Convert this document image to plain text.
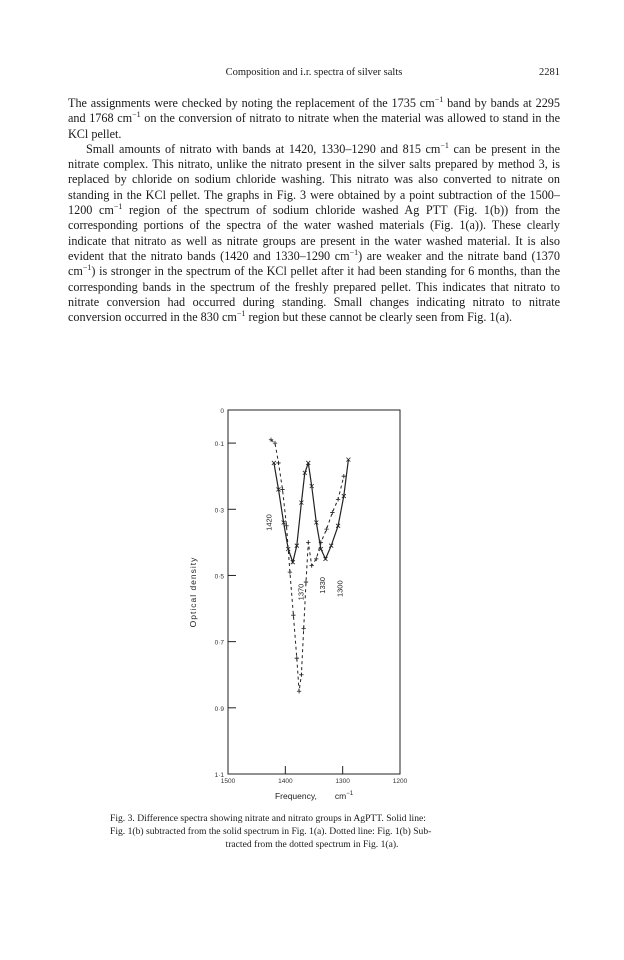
Composition and i.r. spectra of silver salts	2281

The assignments were checked by noting the replacement of the 1735 $cm^{-1}$ band by bands at 2295 and 1768 $cm^{-1}$ on the conversion of nitrato to nitrate when the material was allowed to stand in the KCl pellet.

Small amounts of nitrato with bands at 1420, 1330–1290 and 815 $cm^{-1}$ can be present in the nitrate complex. This nitrato, unlike the nitrato present in the silver salts prepared by method 3, is replaced by chloride on sodium chloride washing. This nitrato was also converted to nitrate on standing in the KCl pellet. The graphs in Fig. 3 were obtained by a point subtraction of the 1500–1200 $cm^{-1}$ region of the spectrum of sodium chloride washed Ag PTT (Fig. 1(b)) from the corresponding portions of the spectra of the water washed materials (Fig. 1(a)). These clearly indicate that nitrato as well as nitrate groups are present in the water washed material. It is also evident that the nitrato bands (1420 and 1330–1290 $cm^{-1}$) are weaker and the nitrate band (1370 $cm^{-1}$) is stronger in the spectrum of the KCl pellet after it had been standing for 6 months, than the corresponding bands in the spectrum of the freshly prepared pellet. This indicates that nitrato to nitrate conversion had occurred during standing. Small changes indicating nitrato to nitrate conversion occurred in the 830 $cm^{-1}$ region but these cannot be clearly seen from Fig. 1(a).

0
0·1
0·3
0·5
0·7
0·9
1·1
1500	1400	1300	1200
1420
1370 1330 1300
Optical density
Frequency, $cm^{-1}$
Fig. 3. Difference spectra showing nitrate and nitrato groups in AgPTT. Solid line:
Fig. 1(b) subtracted from the solid spectrum in Fig. 1(a). Dotted line: Fig. 1(b) Sub-
tracted from the dotted spectrum in Fig. 1(a).
